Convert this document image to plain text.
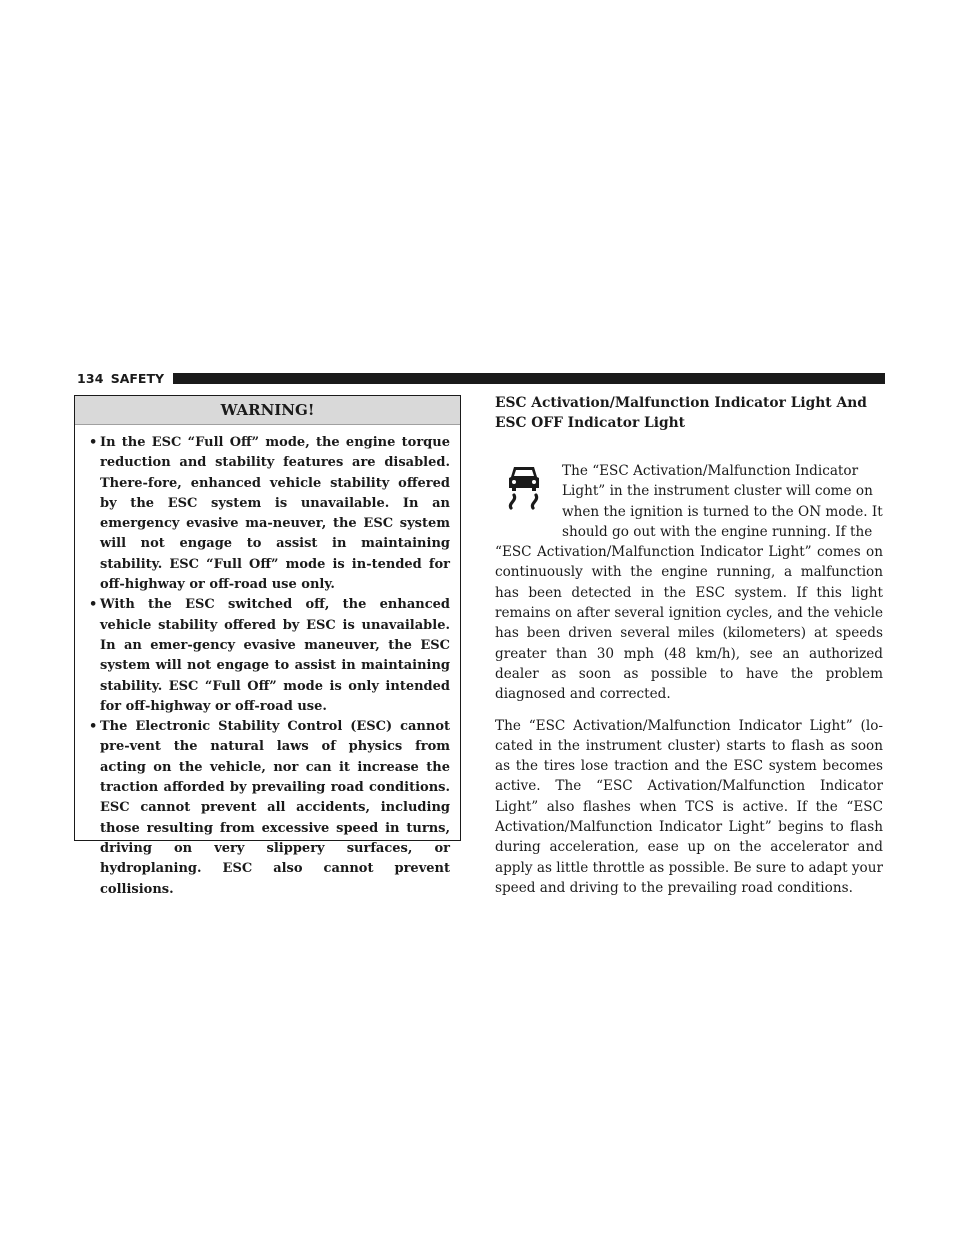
134 SAFETY
WARNING!
• In the ESC “Full Off” mode, the engine torque reduction and stability features are disabled. There-fore, enhanced vehicle stability offered by the ESC system is unavailable. In an emergency evasive ma-neuver, the ESC system will not engage to assist in maintaining stability. ESC “Full Off” mode is in-tended for off-highway or off-road use only.
• With the ESC switched off, the enhanced vehicle stability offered by ESC is unavailable. In an emer-gency evasive maneuver, the ESC system will not engage to assist in maintaining stability. ESC “Full Off” mode is only intended for off-highway or off-road use.
• The Electronic Stability Control (ESC) cannot pre-vent the natural laws of physics from acting on the vehicle, nor can it increase the traction afforded by prevailing road conditions. ESC cannot prevent all accidents, including those resulting from excessive speed in turns, driving on very slippery surfaces, or hydroplaning. ESC also cannot prevent collisions.
ESC Activation/Malfunction Indicator Light And
ESC OFF Indicator Light

The “ESC Activation/Malfunction Indicator
Light” in the instrument cluster will come on
when the ignition is turned to the ON mode. It
should go out with the engine running. If the
“ESC Activation/Malfunction Indicator Light” comes on continuously with the engine running, a malfunction has been detected in the ESC system. If this light remains on after several ignition cycles, and the vehicle has been driven several miles (kilometers) at speeds greater than 30 mph (48 km/h), see an authorized dealer as soon as possible to have the problem diagnosed and corrected.

The “ESC Activation/Malfunction Indicator Light” (lo-cated in the instrument cluster) starts to flash as soon as the tires lose traction and the ESC system becomes active. The “ESC Activation/Malfunction Indicator Light” also flashes when TCS is active. If the “ESC Activation/Malfunction Indicator Light” begins to flash during acceleration, ease up on the accelerator and apply as little throttle as possible. Be sure to adapt your speed and driving to the prevailing road conditions.
